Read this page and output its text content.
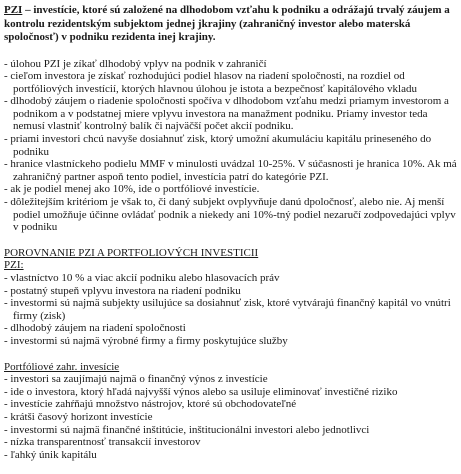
PZI – investície, ktoré sú založené na dlhodobom vzťahu k podniku a odrážajú trvalý záujem a kontrolu rezidentským subjektom jednej jkrajiny (zahraničný investor alebo materská spoločnosť) v podniku rezidenta inej krajiny.

- úlohou PZI je zíkať dlhodobý vplyv na podnik v zahraničí
- cieľom investora je získať rozhodujúci podiel hlasov na riadení spoločnosti, na rozdiel od portfóliových investícií, ktorých hlavnou úlohou je istota a bezpečnosť kapitálového vkladu
- dlhodobý záujem o riadenie spoločnosti spočíva v dlhodobom vzťahu medzi priamym investorom a podnikom a v podstatnej miere vplyvu investora na manažment podniku. Priamy investor teda nemusí vlastniť kontrolný balík či najväčší počet akcií podniku.
- priami investori chcú navyše dosiahnuť zisk, ktorý umožní akumuláciu kapitálu prineseného do podniku
- hranice vlastníckeho podielu MMF v minulosti uvádzal 10-25%. V súčasnosti je hranica 10%. Ak má zahraničný partner aspoň tento podiel, investícia patrí do kategórie PZI.
- ak je podiel menej ako 10%, ide o portfóliové investície.
- dôležitejším kritériom je však to, či daný subjekt ovplyvňuje danú dpoločnosť, alebo nie. Aj menší podiel umožňuje účinne ovládať podnik a niekedy ani 10%-tný podiel nezaručí zodpovedajúci vplyv v podniku

POROVNANIE PZI A PORTFOLIOVÝCH INVESTICII

PZI:

- vlastníctvo 10 % a viac akcií podniku alebo hlasovacích práv
- postatný stupeň vplyvu investora na riadení podniku
- investormi sú najmä subjekty usilujúce sa dosiahnuť zisk, ktoré vytvárajú finančný kapitál vo vnútri firmy (zisk)
- dlhodobý záujem na riadení spoločnosti
- investormi sú najmä výrobné firmy a firmy poskytujúce služby

Portfóliové zahr. invesície

- investori sa zaujímajú najmä o finančný výnos z investície
- ide o investora, ktorý hľadá najvyšší výnos alebo sa usiluje eliminovať investičné riziko
- investície zahŕňajú množstvo nástrojov, ktoré sú obchodovateľné
- krátši časový horizont investície
- investormi sú najmä finančné inštitúcie, inštitucionálni investori alebo jednotlivci
- nízka transparentnosť transakcií investorov
- ľahký únik kapitálu
